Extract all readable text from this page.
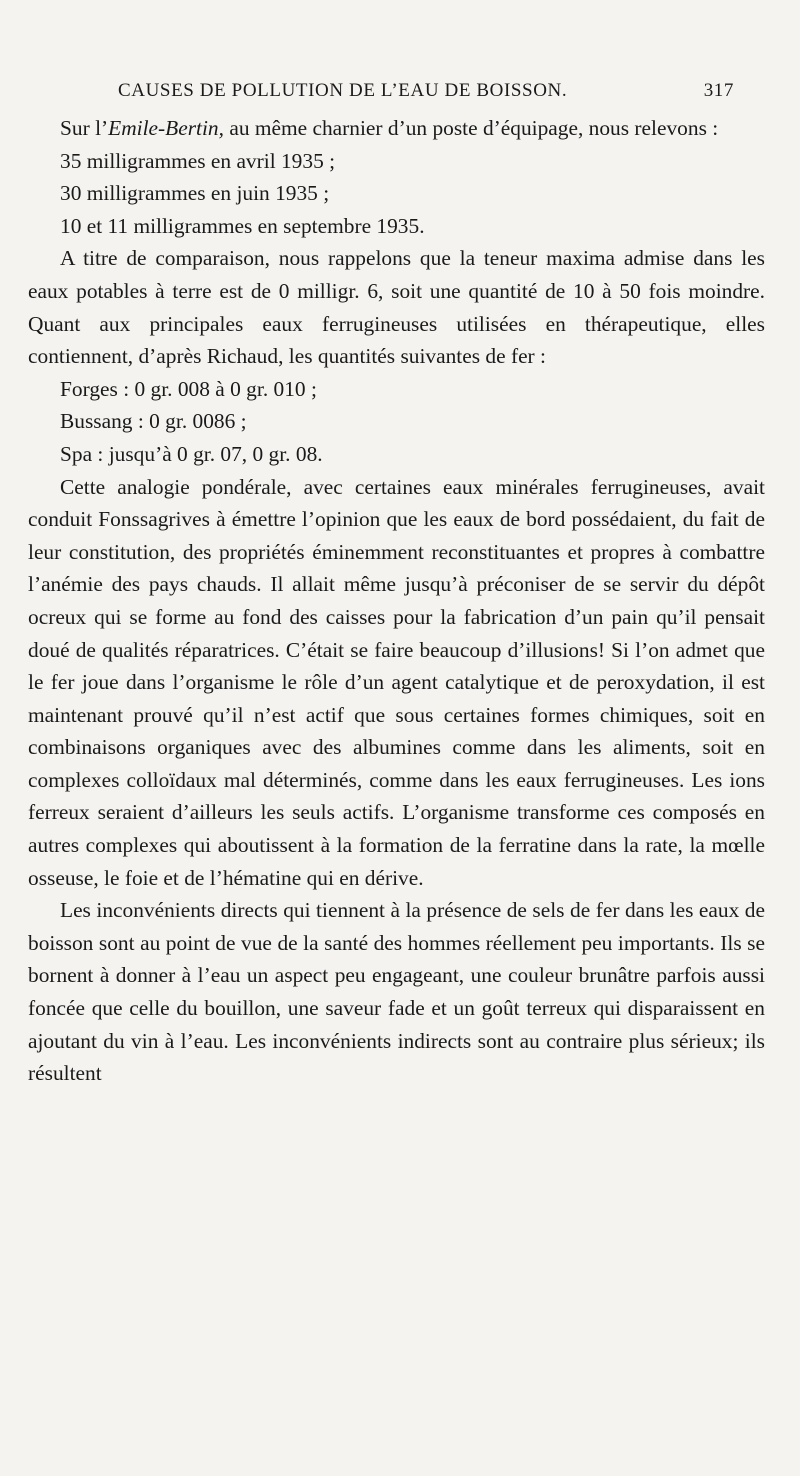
CAUSES DE POLLUTION DE L’EAU DE BOISSON.	317

Sur l’Emile-Bertin, au même charnier d’un poste d’équipage, nous relevons :

35 milligrammes en avril 1935 ;
30 milligrammes en juin 1935 ;
10 et 11 milligrammes en septembre 1935.

A titre de comparaison, nous rappelons que la teneur maxima admise dans les eaux potables à terre est de 0 milligr. 6, soit une quantité de 10 à 50 fois moindre. Quant aux principales eaux ferrugineuses utilisées en thérapeutique, elles contiennent, d’après Richaud, les quantités suivantes de fer :

Forges : 0 gr. 008 à 0 gr. 010 ;
Bussang : 0 gr. 0086 ;
Spa : jusqu’à 0 gr. 07, 0 gr. 08.

Cette analogie pondérale, avec certaines eaux minérales ferrugineuses, avait conduit Fonssagrives à émettre l’opinion que les eaux de bord possédaient, du fait de leur constitution, des propriétés éminemment reconstituantes et propres à combattre l’anémie des pays chauds. Il allait même jusqu’à préconiser de se servir du dépôt ocreux qui se forme au fond des caisses pour la fabrication d’un pain qu’il pensait doué de qualités réparatrices. C’était se faire beaucoup d’illusions! Si l’on admet que le fer joue dans l’organisme le rôle d’un agent catalytique et de peroxydation, il est maintenant prouvé qu’il n’est actif que sous certaines formes chimiques, soit en combinaisons organiques avec des albumines comme dans les aliments, soit en complexes colloïdaux mal déterminés, comme dans les eaux ferrugineuses. Les ions ferreux seraient d’ailleurs les seuls actifs. L’organisme transforme ces composés en autres complexes qui aboutissent à la formation de la ferratine dans la rate, la mœlle osseuse, le foie et de l’hématine qui en dérive.

Les inconvénients directs qui tiennent à la présence de sels de fer dans les eaux de boisson sont au point de vue de la santé des hommes réellement peu importants. Ils se bornent à donner à l’eau un aspect peu engageant, une couleur brunâtre parfois aussi foncée que celle du bouillon, une saveur fade et un goût terreux qui disparaissent en ajoutant du vin à l’eau. Les inconvénients indirects sont au contraire plus sérieux; ils résultent
